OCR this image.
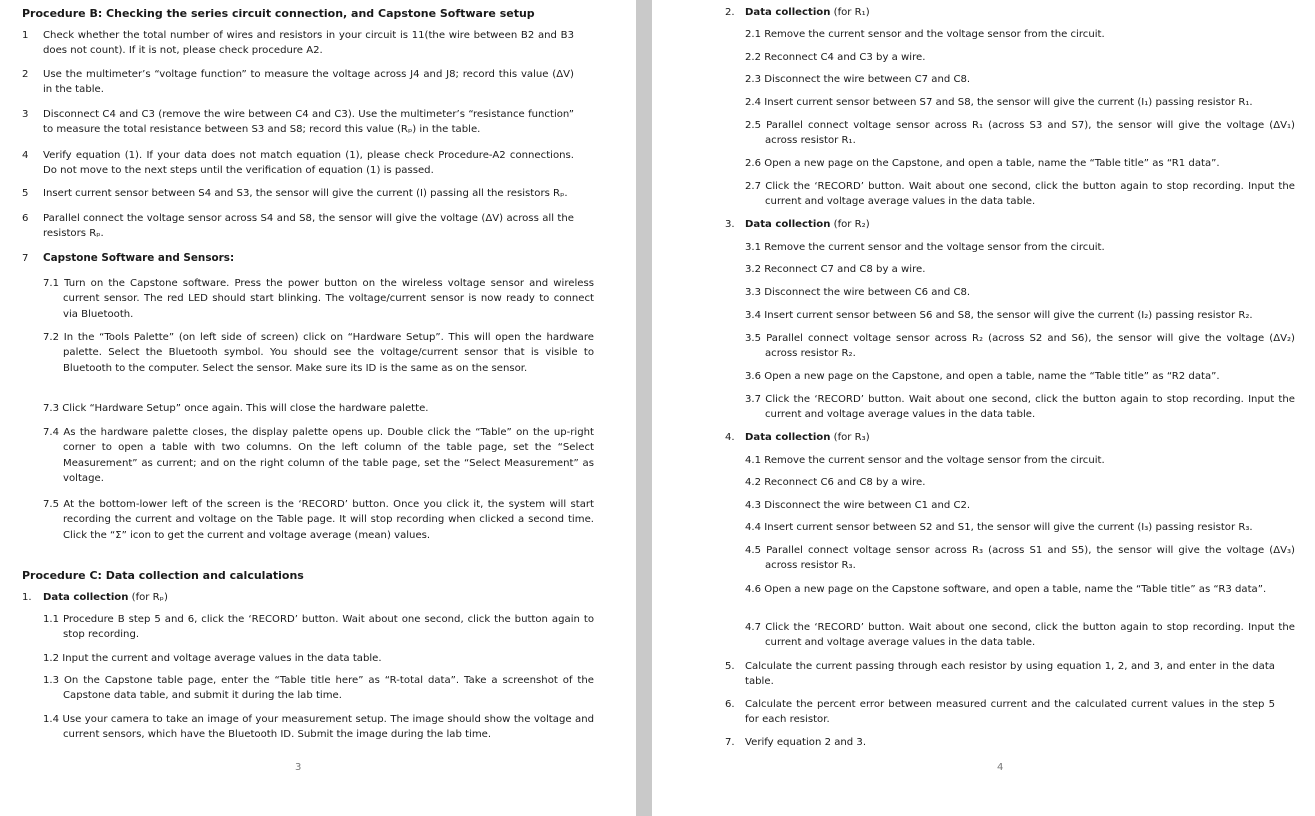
Procedure B: Checking the series circuit connection, and Capstone Software setup
1 Check whether the total number of wires and resistors in your circuit is 11(the wire between B2 and B3 does not count). If it is not, please check procedure A2.
2 Use the multimeter’s “voltage function” to measure the voltage across J4 and J8; record this value (ΔV) in the table.
3 Disconnect C4 and C3 (remove the wire between C4 and C3). Use the multimeter’s “resistance function” to measure the total resistance between S3 and S8; record this value (Rₚ) in the table.
4 Verify equation (1). If your data does not match equation (1), please check Procedure-A2 connections. Do not move to the next steps until the verification of equation (1) is passed.
5 Insert current sensor between S4 and S3, the sensor will give the current (I) passing all the resistors Rₚ.
6 Parallel connect the voltage sensor across S4 and S8, the sensor will give the voltage (ΔV) across all the resistors Rₚ.
7 Capstone Software and Sensors:
7.1 Turn on the Capstone software. Press the power button on the wireless voltage sensor and wireless current sensor. The red LED should start blinking. The voltage/current sensor is now ready to connect via Bluetooth.
7.2 In the “Tools Palette” (on left side of screen) click on “Hardware Setup”. This will open the hardware palette. Select the Bluetooth symbol. You should see the voltage/current sensor that is visible to Bluetooth to the computer. Select the sensor. Make sure its ID is the same as on the sensor.
7.3 Click “Hardware Setup” once again. This will close the hardware palette.
7.4 As the hardware palette closes, the display palette opens up. Double click the “Table” on the up-right corner to open a table with two columns. On the left column of the table page, set the “Select Measurement” as current; and on the right column of the table page, set the “Select Measurement” as voltage.
7.5 At the bottom-lower left of the screen is the ‘RECORD’ button. Once you click it, the system will start recording the current and voltage on the Table page. It will stop recording when clicked a second time. Click the “Σ” icon to get the current and voltage average (mean) values.
Procedure C: Data collection and calculations
1. Data collection (for Rₚ)
1.1 Procedure B step 5 and 6, click the ‘RECORD’ button. Wait about one second, click the button again to stop recording.
1.2 Input the current and voltage average values in the data table.
1.3 On the Capstone table page, enter the “Table title here” as “R-total data”. Take a screenshot of the Capstone data table, and submit it during the lab time.
1.4 Use your camera to take an image of your measurement setup. The image should show the voltage and current sensors, which have the Bluetooth ID. Submit the image during the lab time.
3
2. Data collection (for R₁)
2.1 Remove the current sensor and the voltage sensor from the circuit.
2.2 Reconnect C4 and C3 by a wire.
2.3 Disconnect the wire between C7 and C8.
2.4 Insert current sensor between S7 and S8, the sensor will give the current (I₁) passing resistor R₁.
2.5 Parallel connect voltage sensor across R₁ (across S3 and S7), the sensor will give the voltage (ΔV₁) across resistor R₁.
2.6 Open a new page on the Capstone, and open a table, name the “Table title” as “R1 data”.
2.7 Click the ‘RECORD’ button. Wait about one second, click the button again to stop recording. Input the current and voltage average values in the data table.
3. Data collection (for R₂)
3.1 Remove the current sensor and the voltage sensor from the circuit.
3.2 Reconnect C7 and C8 by a wire.
3.3 Disconnect the wire between C6 and C8.
3.4 Insert current sensor between S6 and S8, the sensor will give the current (I₂) passing resistor R₂.
3.5 Parallel connect voltage sensor across R₂ (across S2 and S6), the sensor will give the voltage (ΔV₂) across resistor R₂.
3.6 Open a new page on the Capstone, and open a table, name the “Table title” as “R2 data”.
3.7 Click the ‘RECORD’ button. Wait about one second, click the button again to stop recording. Input the current and voltage average values in the data table.
4. Data collection (for R₃)
4.1 Remove the current sensor and the voltage sensor from the circuit.
4.2 Reconnect C6 and C8 by a wire.
4.3 Disconnect the wire between C1 and C2.
4.4 Insert current sensor between S2 and S1, the sensor will give the current (I₃) passing resistor R₃.
4.5 Parallel connect voltage sensor across R₃ (across S1 and S5), the sensor will give the voltage (ΔV₃) across resistor R₃.
4.6 Open a new page on the Capstone software, and open a table, name the “Table title” as “R3 data”.
4.7 Click the ‘RECORD’ button. Wait about one second, click the button again to stop recording. Input the current and voltage average values in the data table.
5. Calculate the current passing through each resistor by using equation 1, 2, and 3, and enter in the data table.
6. Calculate the percent error between measured current and the calculated current values in the step 5 for each resistor.
7. Verify equation 2 and 3.
4
